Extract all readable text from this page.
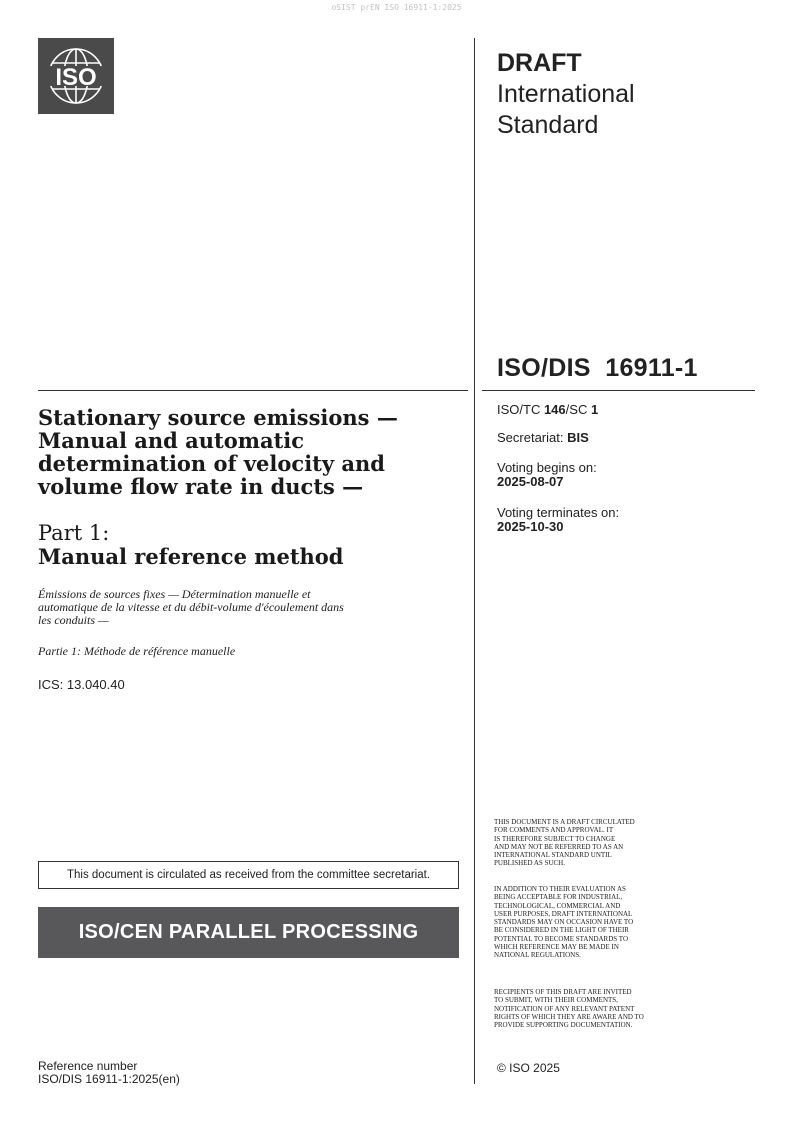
oSIST prEN ISO 16911-1:2025
ISO
DRAFT
International
Standard
ISO/DIS  16911-1
ISO/TC 146/SC 1
Secretariat: BIS
Voting begins on:
2025-08-07
Voting terminates on:
2025-10-30
Stationary source emissions —
Manual and automatic
determination of velocity and
volume flow rate in ducts —
Part 1:
Manual reference method
Émissions de sources fixes — Détermination manuelle et
automatique de la vitesse et du débit-volume d'écoulement dans
les conduits —
Partie 1: Méthode de référence manuelle
ICS: 13.040.40
This document is circulated as received from the committee secretariat.
ISO/CEN PARALLEL PROCESSING
Reference number
ISO/DIS 16911-1:2025(en)
THIS DOCUMENT IS A DRAFT CIRCULATED
FOR COMMENTS AND APPROVAL. IT
IS THEREFORE SUBJECT TO CHANGE
AND MAY NOT BE REFERRED TO AS AN
INTERNATIONAL STANDARD UNTIL
PUBLISHED AS SUCH.
IN ADDITION TO THEIR EVALUATION AS
BEING ACCEPTABLE FOR INDUSTRIAL,
TECHNOLOGICAL, COMMERCIAL AND
USER PURPOSES, DRAFT INTERNATIONAL
STANDARDS MAY ON OCCASION HAVE TO
BE CONSIDERED IN THE LIGHT OF THEIR
POTENTIAL TO BECOME STANDARDS TO
WHICH REFERENCE MAY BE MADE IN
NATIONAL REGULATIONS.
RECIPIENTS OF THIS DRAFT ARE INVITED
TO SUBMIT, WITH THEIR COMMENTS,
NOTIFICATION OF ANY RELEVANT PATENT
RIGHTS OF WHICH THEY ARE AWARE AND TO
PROVIDE SUPPORTING DOCUMENTATION.
© ISO 2025
